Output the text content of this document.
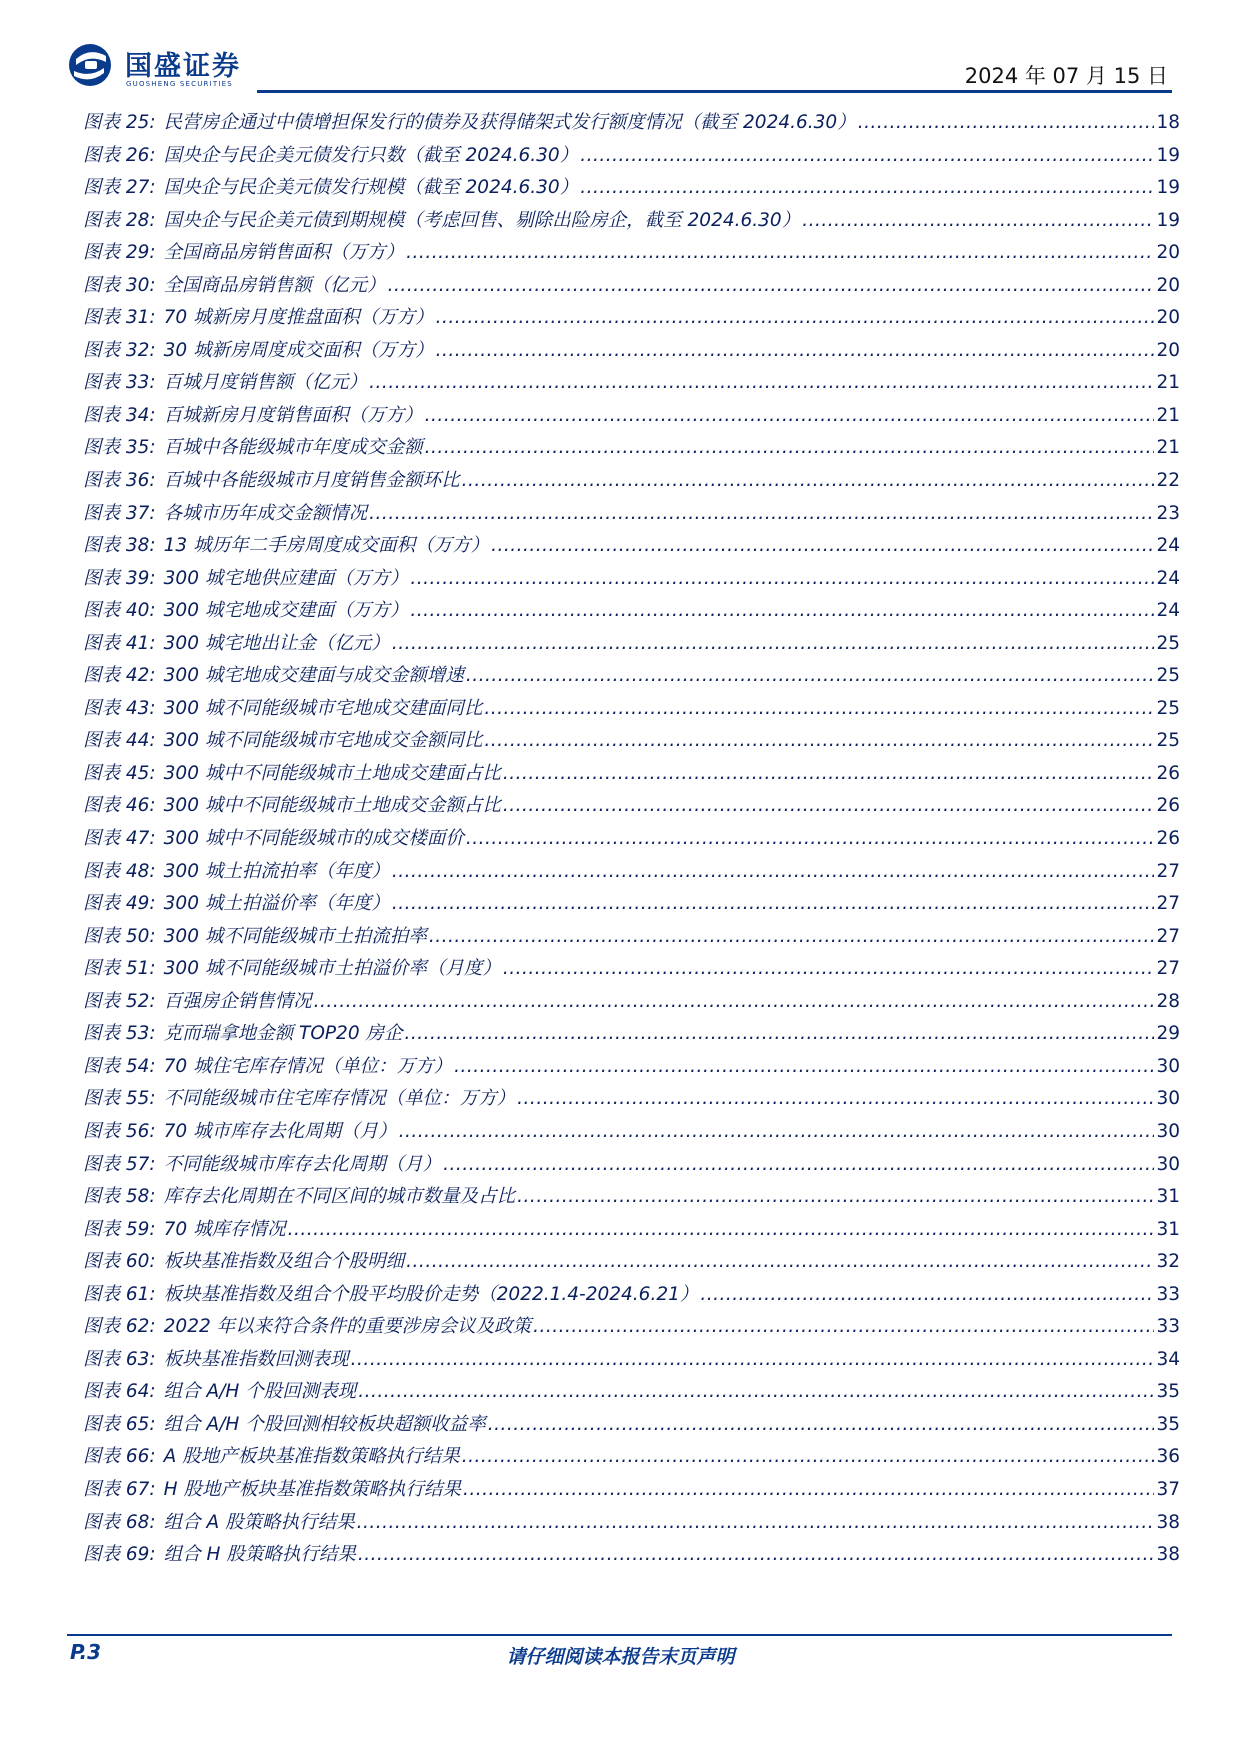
国盛证券
GUOSHENG SECURITIES	2024 年 07 月 15 日
图表 25: 民营房企通过中债增担保发行的债券及获得储架式发行额度情况（截至 2024.6.30） .....	18
图表 26: 国央企与民企美元债发行只数（截至 2024.6.30） .....	19
图表 27: 国央企与民企美元债发行规模（截至 2024.6.30） .....	19
图表 28: 国央企与民企美元债到期规模（考虑回售、剔除出险房企，截至 2024.6.30） .....	19
图表 29: 全国商品房销售面积（万方） .....	20
图表 30: 全国商品房销售额（亿元） .....	20
图表 31: 70 城新房月度推盘面积（万方） .....	20
图表 32: 30 城新房周度成交面积（万方） .....	20
图表 33: 百城月度销售额（亿元） .....	21
图表 34: 百城新房月度销售面积（万方） .....	21
图表 35: 百城中各能级城市年度成交金额 .....	21
图表 36: 百城中各能级城市月度销售金额环比 .....	22
图表 37: 各城市历年成交金额情况 .....	23
图表 38: 13 城历年二手房周度成交面积（万方） .....	24
图表 39: 300 城宅地供应建面（万方） .....	24
图表 40: 300 城宅地成交建面（万方） .....	24
图表 41: 300 城宅地出让金（亿元） .....	25
图表 42: 300 城宅地成交建面与成交金额增速 .....	25
图表 43: 300 城不同能级城市宅地成交建面同比 .....	25
图表 44: 300 城不同能级城市宅地成交金额同比 .....	25
图表 45: 300 城中不同能级城市土地成交建面占比 .....	26
图表 46: 300 城中不同能级城市土地成交金额占比 .....	26
图表 47: 300 城中不同能级城市的成交楼面价 .....	26
图表 48: 300 城土拍流拍率（年度） .....	27
图表 49: 300 城土拍溢价率（年度） .....	27
图表 50: 300 城不同能级城市土拍流拍率 .....	27
图表 51: 300 城不同能级城市土拍溢价率（月度） .....	27
图表 52: 百强房企销售情况 .....	28
图表 53: 克而瑞拿地金额 TOP20 房企 .....	29
图表 54: 70 城住宅库存情况（单位：万方） .....	30
图表 55: 不同能级城市住宅库存情况（单位：万方） .....	30
图表 56: 70 城市库存去化周期（月） .....	30
图表 57: 不同能级城市库存去化周期（月） .....	30
图表 58: 库存去化周期在不同区间的城市数量及占比 .....	31
图表 59: 70 城库存情况 .....	31
图表 60: 板块基准指数及组合个股明细 .....	32
图表 61: 板块基准指数及组合个股平均股价走势（2022.1.4-2024.6.21） .....	33
图表 62: 2022 年以来符合条件的重要涉房会议及政策 .....	33
图表 63: 板块基准指数回测表现 .....	34
图表 64: 组合 A/H 个股回测表现 .....	35
图表 65: 组合 A/H 个股回测相较板块超额收益率 .....	35
图表 66: A 股地产板块基准指数策略执行结果 .....	36
图表 67: H 股地产板块基准指数策略执行结果 .....	37
图表 68: 组合 A 股策略执行结果 .....	38
图表 69: 组合 H 股策略执行结果 .....	38
P.3	请仔细阅读本报告末页声明
